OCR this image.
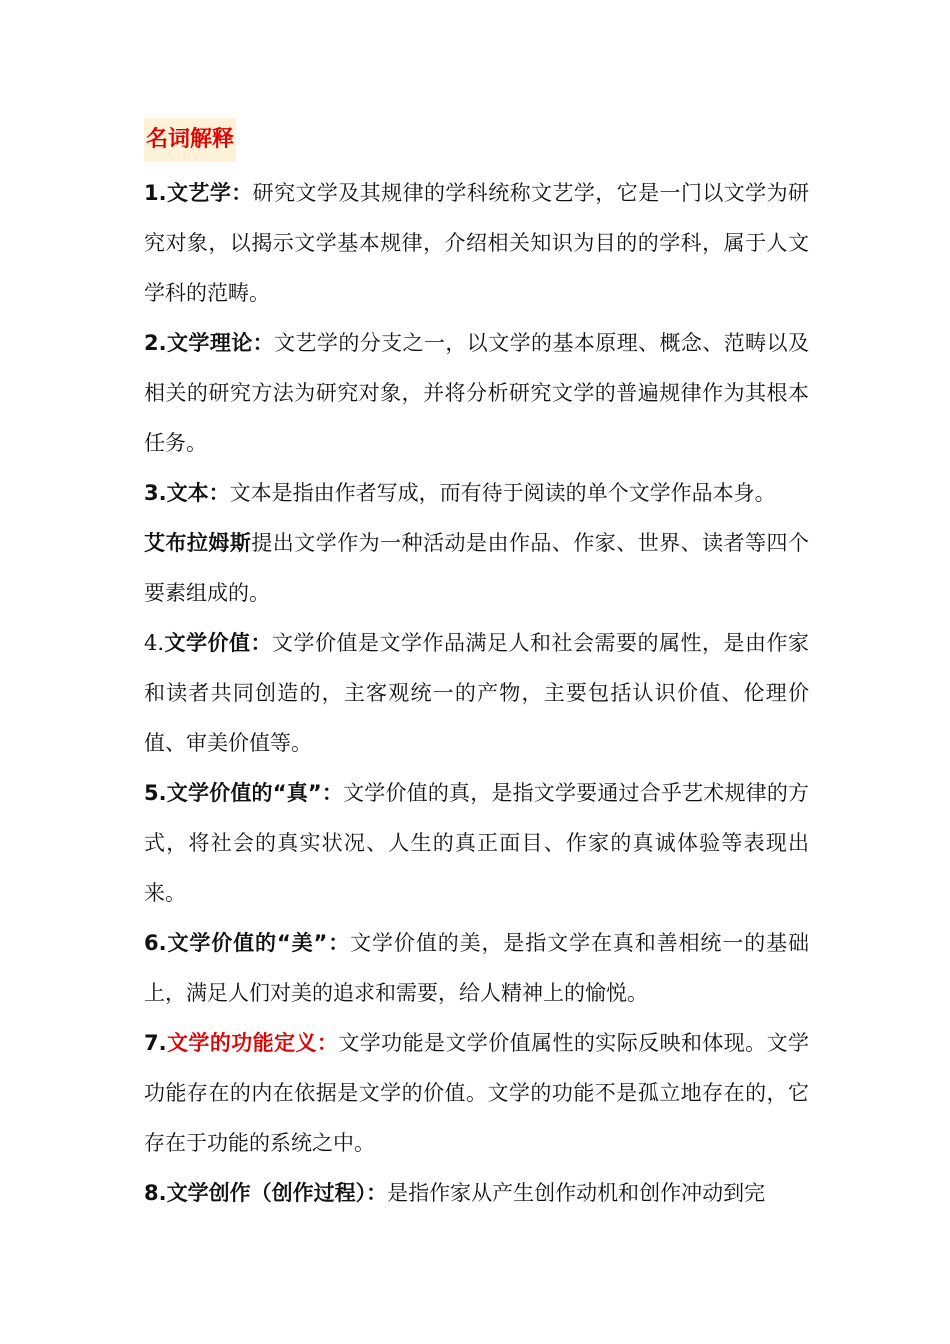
名词解释

1.文艺学：研究文学及其规律的学科统称文艺学，它是一门以文学为研究对象，以揭示文学基本规律，介绍相关知识为目的的学科，属于人文学科的范畴。

2.文学理论：文艺学的分支之一，以文学的基本原理、概念、范畴以及相关的研究方法为研究对象，并将分析研究文学的普遍规律作为其根本任务。

3.文本：文本是指由作者写成，而有待于阅读的单个文学作品本身。
艾布拉姆斯提出文学作为一种活动是由作品、作家、世界、读者等四个要素组成的。

4.文学价值：文学价值是文学作品满足人和社会需要的属性，是由作家和读者共同创造的，主客观统一的产物，主要包括认识价值、伦理价值、审美价值等。

5.文学价值的“真”：文学价值的真，是指文学要通过合乎艺术规律的方式，将社会的真实状况、人生的真正面目、作家的真诚体验等表现出来。

6.文学价值的“美”：文学价值的美，是指文学在真和善相统一的基础上，满足人们对美的追求和需要，给人精神上的愉悦。

7.文学的功能定义：文学功能是文学价值属性的实际反映和体现。文学功能存在的内在依据是文学的价值。文学的功能不是孤立地存在的，它存在于功能的系统之中。

8.文学创作（创作过程）：是指作家从产生创作动机和创作冲动到完
